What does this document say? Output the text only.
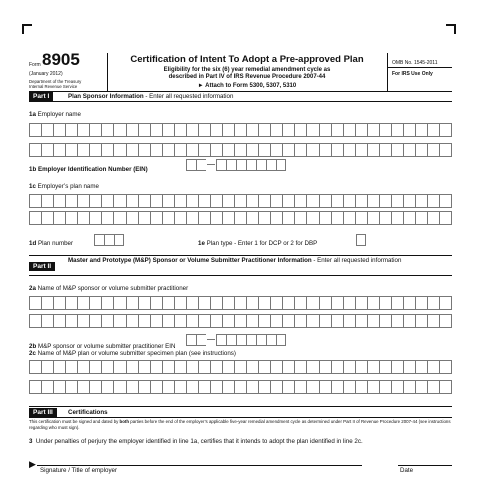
Form 8905
(January 2012)
Department of the Treasury
Internal Revenue Service
Certification of Intent To Adopt a Pre-approved Plan
Eligibility for the six (6) year remedial amendment cycle as
described in Part IV of IRS Revenue Procedure 2007-44
► Attach to Form 5300, 5307, 5310
OMB No. 1545-2011
For IRS Use Only
Part I	Plan Sponsor Information - Enter all requested information
1a Employer name
1b Employer Identification Number (EIN)
1c Employer’s plan name
1d Plan number	1e Plan type - Enter 1 for DCP or 2 for DBP
Part II
Master and Prototype (M&P) Sponsor or Volume Submitter Practitioner Information - Enter all requested information
2a Name of M&P sponsor or volume submitter practitioner
2b M&P sponsor or volume submitter practitioner EIN
2c Name of M&P plan or volume submitter specimen plan (see instructions)
Part III	Certifications
This certification must be signed and dated by both parties before the end of the employer’s applicable five-year remedial amendment cycle as determined under Part II of Revenue Procedure 2007-44 (see instructions regarding who must sign).
3 Under penalties of perjury the employer identified in line 1a, certifies that it intends to adopt the plan identified in line 2c.
▶
Signature / Title of employer	Date
